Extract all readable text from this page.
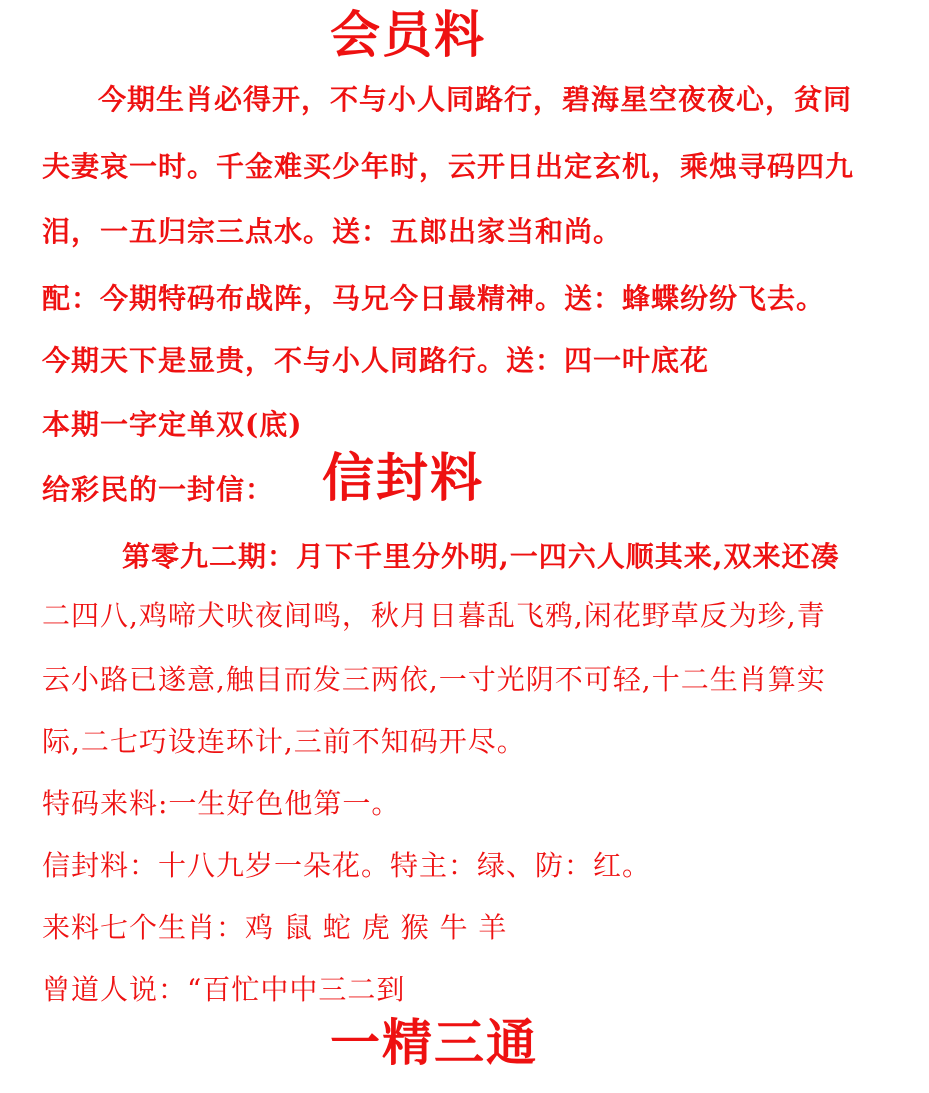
会员料
今期生肖必得开，不与小人同路行，碧海星空夜夜心，贫同
夫妻哀一时。千金难买少年时，云开日出定玄机，乘烛寻码四九
泪，一五归宗三点水。送：五郎出家当和尚。
配：今期特码布战阵，马兄今日最精神。送：蜂蝶纷纷飞去。
今期天下是显贵，不与小人同路行。送：四一叶底花
本期一字定单双(底)
给彩民的一封信： 信封料
第零九二期：月下千里分外明,一四六人顺其来,双来还凑
二四八,鸡啼犬吠夜间鸣，秋月日暮乱飞鸦,闲花野草反为珍,青
云小路已遂意,触目而发三两依,一寸光阴不可轻,十二生肖算实
际,二七巧设连环计,三前不知码开尽。
特码来料:一生好色他第一。
信封料：十八九岁一朵花。特主：绿、防：红。
来料七个生肖：鸡 鼠 蛇 虎 猴 牛 羊
曾道人说：“百忙中中三二到
一精三通
